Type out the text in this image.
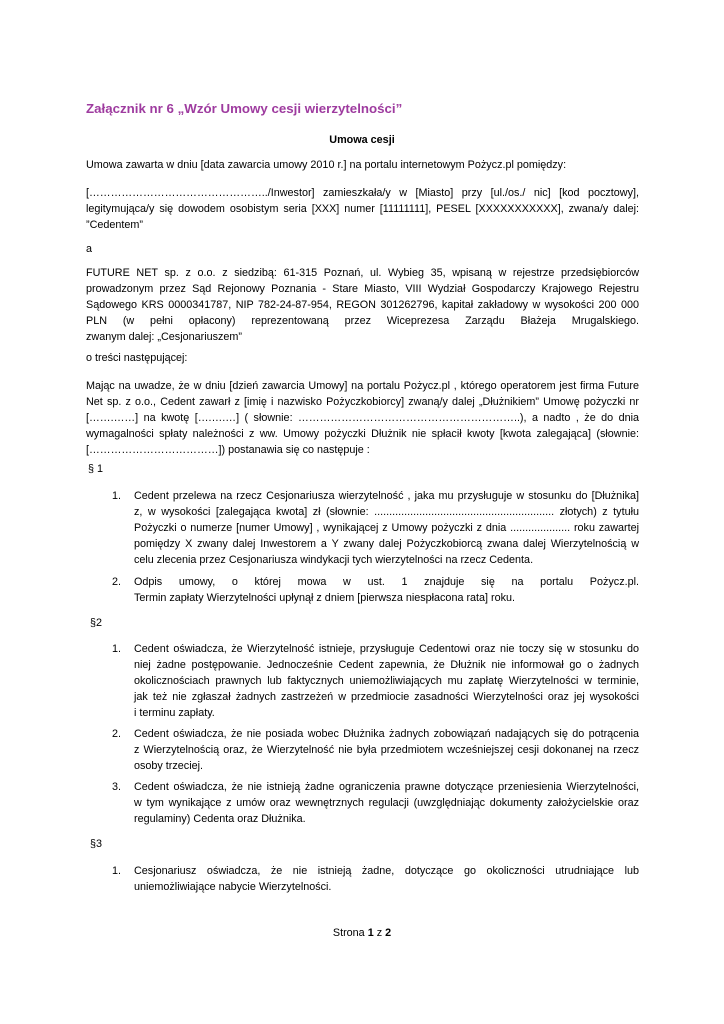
Załącznik nr 6 „Wzór Umowy cesji wierzytelności”
Umowa cesji
Umowa zawarta w dniu [data zawarcia umowy 2010 r.] na portalu internetowym Pożycz.pl pomiędzy:
[…………………………………………../Inwestor] zamieszkała/y w [Miasto] przy [ul./os./ nic] [kod pocztowy],
legitymująca/y się dowodem osobistym seria [XXX] numer [11111111], PESEL [XXXXXXXXXXX], zwana/y dalej:
”Cedentem”
a
FUTURE NET sp. z o.o. z siedzibą: 61-315 Poznań, ul. Wybieg 35, wpisaną w rejestrze przedsiębiorców
prowadzonym przez Sąd Rejonowy Poznania - Stare Miasto, VIII Wydział Gospodarczy Krajowego Rejestru
Sądowego KRS 0000341787, NIP 782-24-87-954, REGON 301262796, kapitał zakładowy w wysokości 200 000
PLN (w pełni opłacony) reprezentowaną przez Wiceprezesa Zarządu Błażeja Mrugalskiego.
zwanym dalej: „Cesjonariuszem”
o treści następującej:
Mając na uwadze, że w dniu [dzień zawarcia Umowy] na portalu Pożycz.pl , którego operatorem jest firma Future
Net sp. z o.o., Cedent zawarł z [imię i nazwisko Pożyczkobiorcy] zwaną/y dalej „Dłużnikiem” Umowę pożyczki nr
[…….……] na kwotę [….….…] ( słownie: ……………………………………………………..), a nadto , że do dnia
wymagalności spłaty należności z ww. Umowy pożyczki Dłużnik nie spłacił kwoty [kwota zalegająca] (słownie:
[………………………………]) postanawia się co następuje :
§ 1
1. Cedent przelewa na rzecz Cesjonariusza wierzytelność , jaka mu przysługuje w stosunku do [Dłużnika]
z, w wysokości [zalegająca kwota] zł (słownie: ............................................................ złotych) z tytułu
Pożyczki o numerze [numer Umowy] , wynikającej z Umowy pożyczki z dnia .................... roku zawartej
pomiędzy X zwany dalej Inwestorem a Y zwany dalej Pożyczkobiorcą zwana dalej Wierzytelnością w
celu zlecenia przez Cesjonariusza windykacji tych wierzytelności na rzecz Cedenta.
2. Odpis umowy, o której mowa w ust. 1 znajduje się na portalu Pożycz.pl.
Termin zapłaty Wierzytelności upłynął z dniem [pierwsza niespłacona rata] roku.
§2
1. Cedent oświadcza, że Wierzytelność istnieje, przysługuje Cedentowi oraz nie toczy się w stosunku do
niej żadne postępowanie. Jednocześnie Cedent zapewnia, że Dłużnik nie informował go o żadnych
okolicznościach prawnych lub faktycznych uniemożliwiających mu zapłatę Wierzytelności w terminie,
jak też nie zgłaszał żadnych zastrzeżeń w przedmiocie zasadności Wierzytelności oraz jej wysokości
i terminu zapłaty.
2. Cedent oświadcza, że nie posiada wobec Dłużnika żadnych zobowiązań nadających się do potrącenia
z Wierzytelnością oraz, że Wierzytelność nie była przedmiotem wcześniejszej cesji dokonanej na rzecz
osoby trzeciej.
3. Cedent oświadcza, że nie istnieją żadne ograniczenia prawne dotyczące przeniesienia Wierzytelności,
w tym wynikające z umów oraz wewnętrznych regulacji (uwzględniając dokumenty założycielskie oraz
regulaminy) Cedenta oraz Dłużnika.
§3
1. Cesjonariusz oświadcza, że nie istnieją żadne, dotyczące go okoliczności utrudniające lub
uniemożliwiające nabycie Wierzytelności.
Strona 1 z 2
